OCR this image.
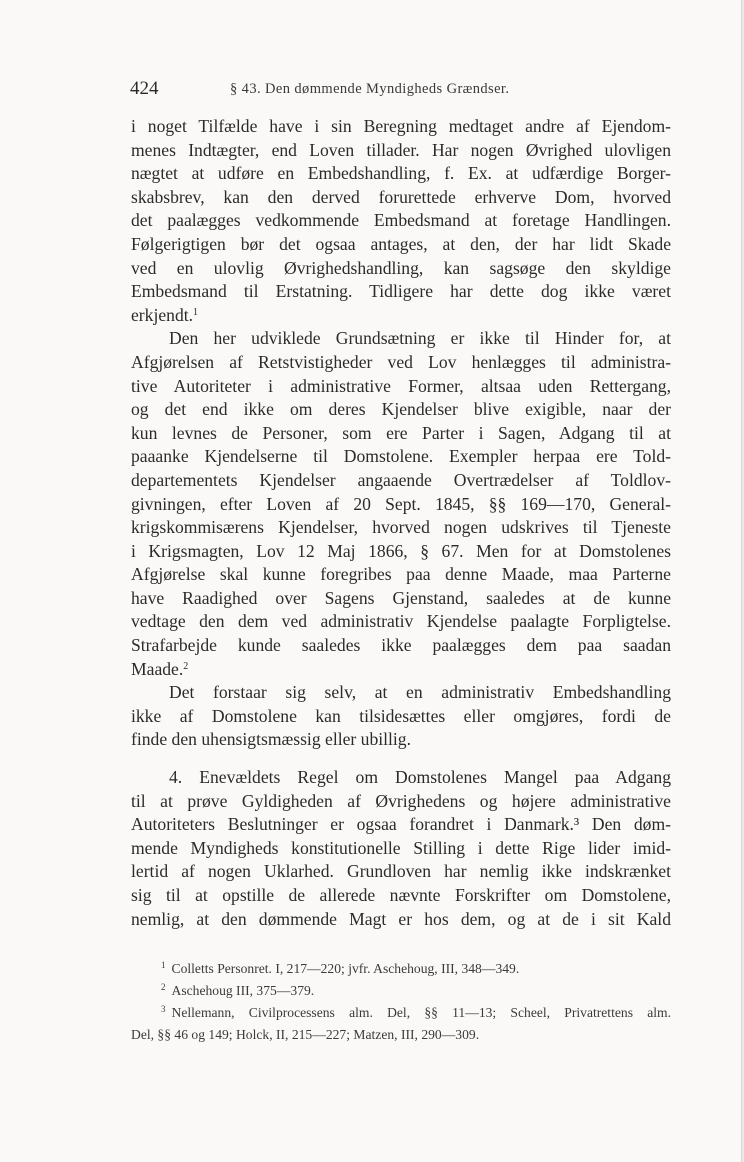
424	§ 43. Den dømmende Myndigheds Grændser.
i noget Tilfælde have i sin Beregning medtaget andre af Ejendom-
menes Indtægter, end Loven tillader. Har nogen Øvrighed ulovligen
nægtet at udføre en Embedshandling, f. Ex. at udfærdige Borger-
skabsbrev, kan den derved forurettede erhverve Dom, hvorved
det paalægges vedkommende Embedsmand at foretage Handlingen.
Følgerigtigen bør det ogsaa antages, at den, der har lidt Skade
ved en ulovlig Øvrighedshandling, kan sagsøge den skyldige
Embedsmand til Erstatning. Tidligere har dette dog ikke været
erkjendt.$^1$
Den her udviklede Grundsætning er ikke til Hinder for, at
Afgjørelsen af Retstvistigheder ved Lov henlægges til administra-
tive Autoriteter i administrative Former, altsaa uden Rettergang,
og det end ikke om deres Kjendelser blive exigible, naar der
kun levnes de Personer, som ere Parter i Sagen, Adgang til at
paaanke Kjendelserne til Domstolene. Exempler herpaa ere Told-
departementets Kjendelser angaaende Overtrædelser af Toldlov-
givningen, efter Loven af 20 Sept. 1845, §§ 169—170, General-
krigskommisærens Kjendelser, hvorved nogen udskrives til Tjeneste
i Krigsmagten, Lov 12 Maj 1866, § 67. Men for at Domstolenes
Afgjørelse skal kunne foregribes paa denne Maade, maa Parterne
have Raadighed over Sagens Gjenstand, saaledes at de kunne
vedtage den dem ved administrativ Kjendelse paalagte Forpligtelse.
Strafarbejde kunde saaledes ikke paalægges dem paa saadan
Maade.$^2$
Det forstaar sig selv, at en administrativ Embedshandling
ikke af Domstolene kan tilsidesættes eller omgjøres, fordi de
finde den uhensigtsmæssig eller ubillig.
4. Enevældets Regel om Domstolenes Mangel paa Adgang
til at prøve Gyldigheden af Øvrighedens og højere administrative
Autoriteters Beslutninger er ogsaa forandret i Danmark.³ Den døm-
mende Myndigheds konstitutionelle Stilling i dette Rige lider imid-
lertid af nogen Uklarhed. Grundloven har nemlig ikke indskrænket
sig til at opstille de allerede nævnte Forskrifter om Domstolene,
nemlig, at den dømmende Magt er hos dem, og at de i sit Kald
$^1$ Colletts Personret. I, 217—220; jvfr. Aschehoug, III, 348—349.
$^2$ Aschehoug III, 375—379.
$^3$ Nellemann, Civilprocessens alm. Del, §§ 11—13; Scheel, Privatrettens alm.
Del, §§ 46 og 149; Holck, II, 215—227; Matzen, III, 290—309.
